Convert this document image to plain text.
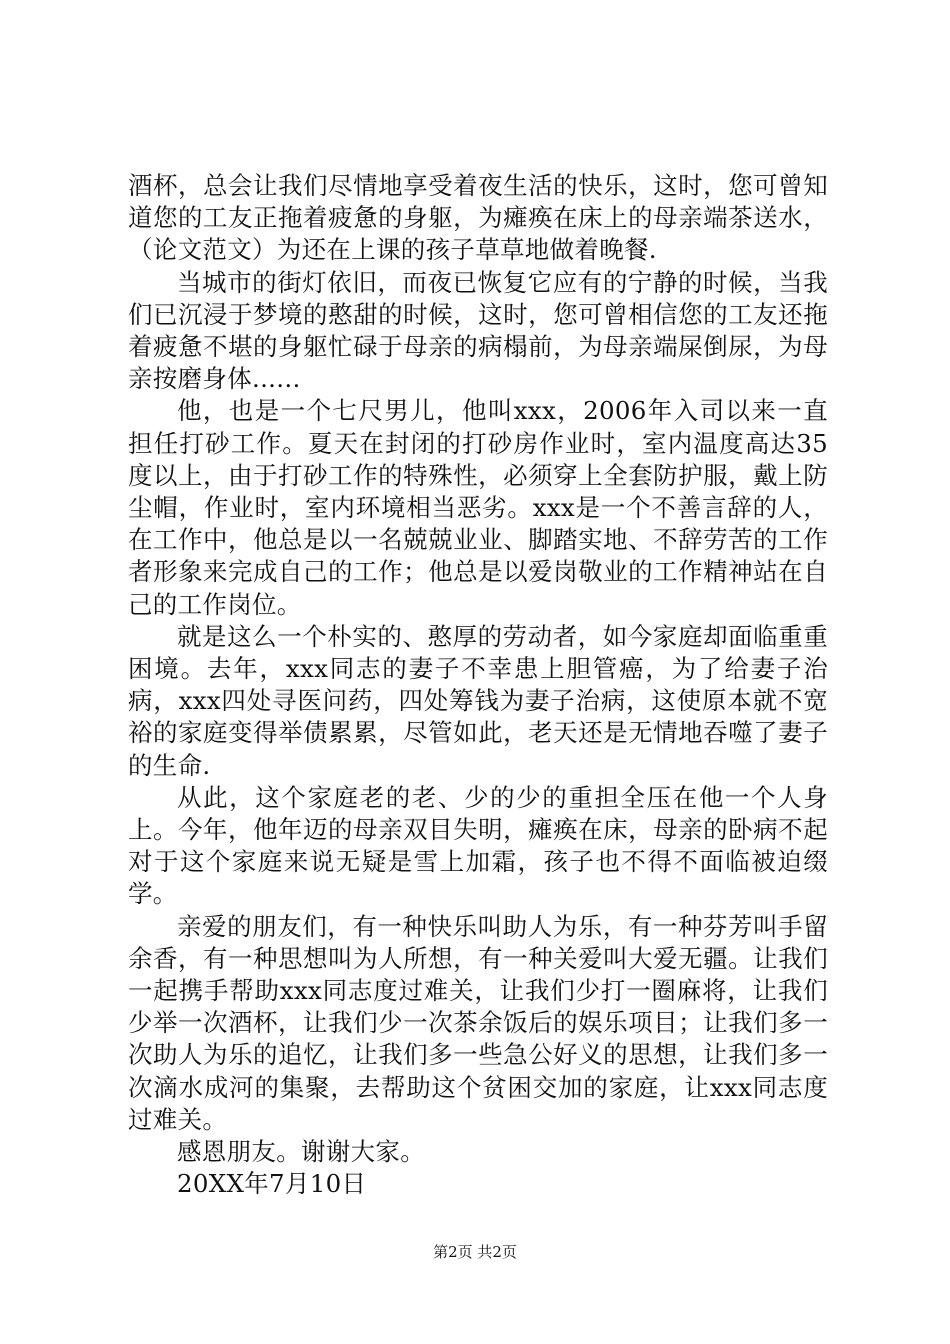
酒杯，总会让我们尽情地享受着夜生活的快乐，这时，您可曾知道您的工友正拖着疲惫的身躯，为瘫痪在床上的母亲端茶送水，（论文范文）为还在上课的孩子草草地做着晚餐.

当城市的街灯依旧，而夜已恢复它应有的宁静的时候，当我们已沉浸于梦境的憨甜的时候，这时，您可曾相信您的工友还拖着疲惫不堪的身躯忙碌于母亲的病榻前，为母亲端屎倒尿，为母亲按磨身体......

他，也是一个七尺男儿，他叫xxx，2006年入司以来一直担任打砂工作。夏天在封闭的打砂房作业时，室内温度高达35度以上，由于打砂工作的特殊性，必须穿上全套防护服，戴上防尘帽，作业时，室内环境相当恶劣。xxx是一个不善言辞的人，在工作中，他总是以一名兢兢业业、脚踏实地、不辞劳苦的工作者形象来完成自己的工作；他总是以爱岗敬业的工作精神站在自己的工作岗位。

就是这么一个朴实的、憨厚的劳动者，如今家庭却面临重重困境。去年，xxx同志的妻子不幸患上胆管癌，为了给妻子治病，xxx四处寻医问药，四处筹钱为妻子治病，这使原本就不宽裕的家庭变得举债累累，尽管如此，老天还是无情地吞噬了妻子的生命.

从此，这个家庭老的老、少的少的重担全压在他一个人身上。今年，他年迈的母亲双目失明，瘫痪在床，母亲的卧病不起对于这个家庭来说无疑是雪上加霜，孩子也不得不面临被迫缀学。

亲爱的朋友们，有一种快乐叫助人为乐，有一种芬芳叫手留余香，有一种思想叫为人所想，有一种关爱叫大爱无疆。让我们一起携手帮助xxx同志度过难关，让我们少打一圈麻将，让我们少举一次酒杯，让我们少一次茶余饭后的娱乐项目；让我们多一次助人为乐的追忆，让我们多一些急公好义的思想，让我们多一次滴水成河的集聚，去帮助这个贫困交加的家庭，让xxx同志度过难关。

感恩朋友。谢谢大家。

20XX年7月10日

第2页 共2页
